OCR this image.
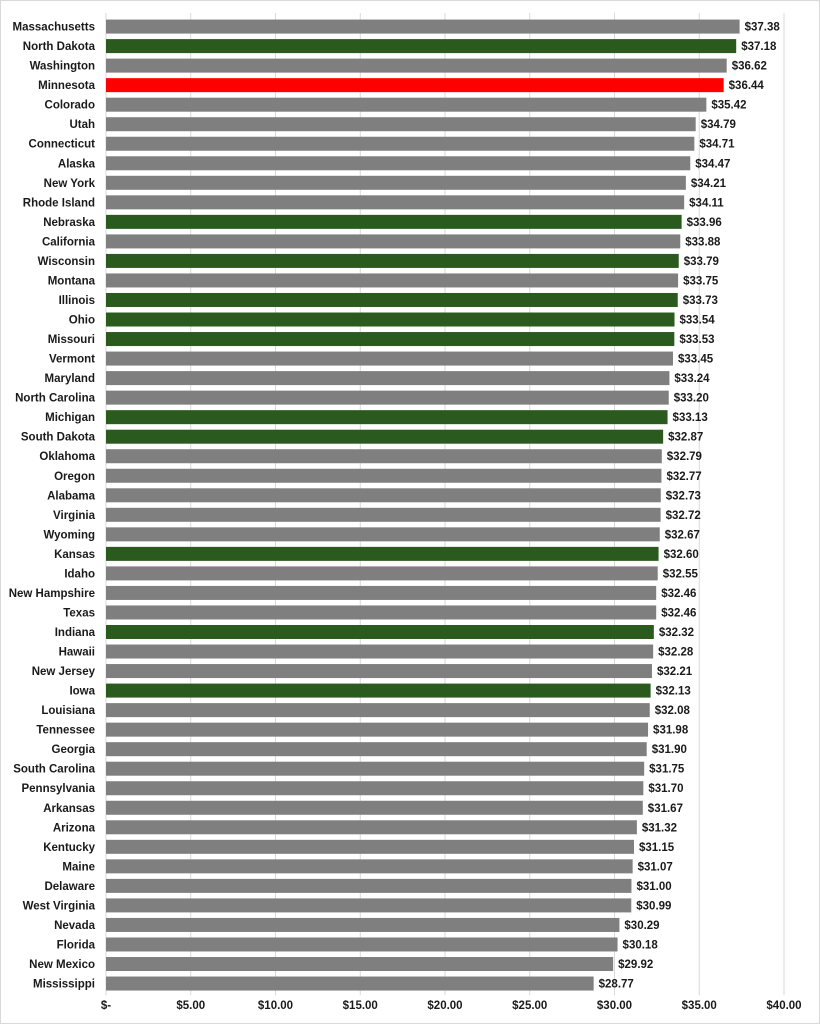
Massachusetts
North Dakota
Washington
Minnesota
Colorado
Utah
Connecticut
Alaska
New York
Rhode Island
Nebraska
California
Wisconsin
Montana
Illinois
Ohio
Missouri
Vermont
Maryland
North Carolina
Michigan
South Dakota
Oklahoma
Oregon
Alabama
Virginia
Wyoming
Kansas
Idaho
New Hampshire
Texas
Indiana
Hawaii
New Jersey
Iowa
Louisiana
Tennessee
Georgia
South Carolina
Pennsylvania
Arkansas
Arizona
Kentucky
Maine
Delaware
West Virginia
Nevada
Florida
New Mexico
Mississippi
$37.38
$37.18
$36.62
$36.44
$35.42
$34.79
$34.71
$34.47
$34.21
$34.11
$33.96
$33.88
$33.79
$33.75
$33.73
$33.54
$33.53
$33.45
$33.24
$33.20
$33.13
$32.87
$32.79
$32.77
$32.73
$32.72
$32.67
$32.60
$32.55
$32.46
$32.46
$32.32
$32.28
$32.21
$32.13
$32.08
$31.98
$31.90
$31.75
$31.70
$31.67
$31.32
$31.15
$31.07
$31.00
$30.99
$30.29
$30.18
$29.92
$28.77
$-	$5.00	$10.00	$15.00	$20.00	$25.00	$30.00	$35.00	$40.00
